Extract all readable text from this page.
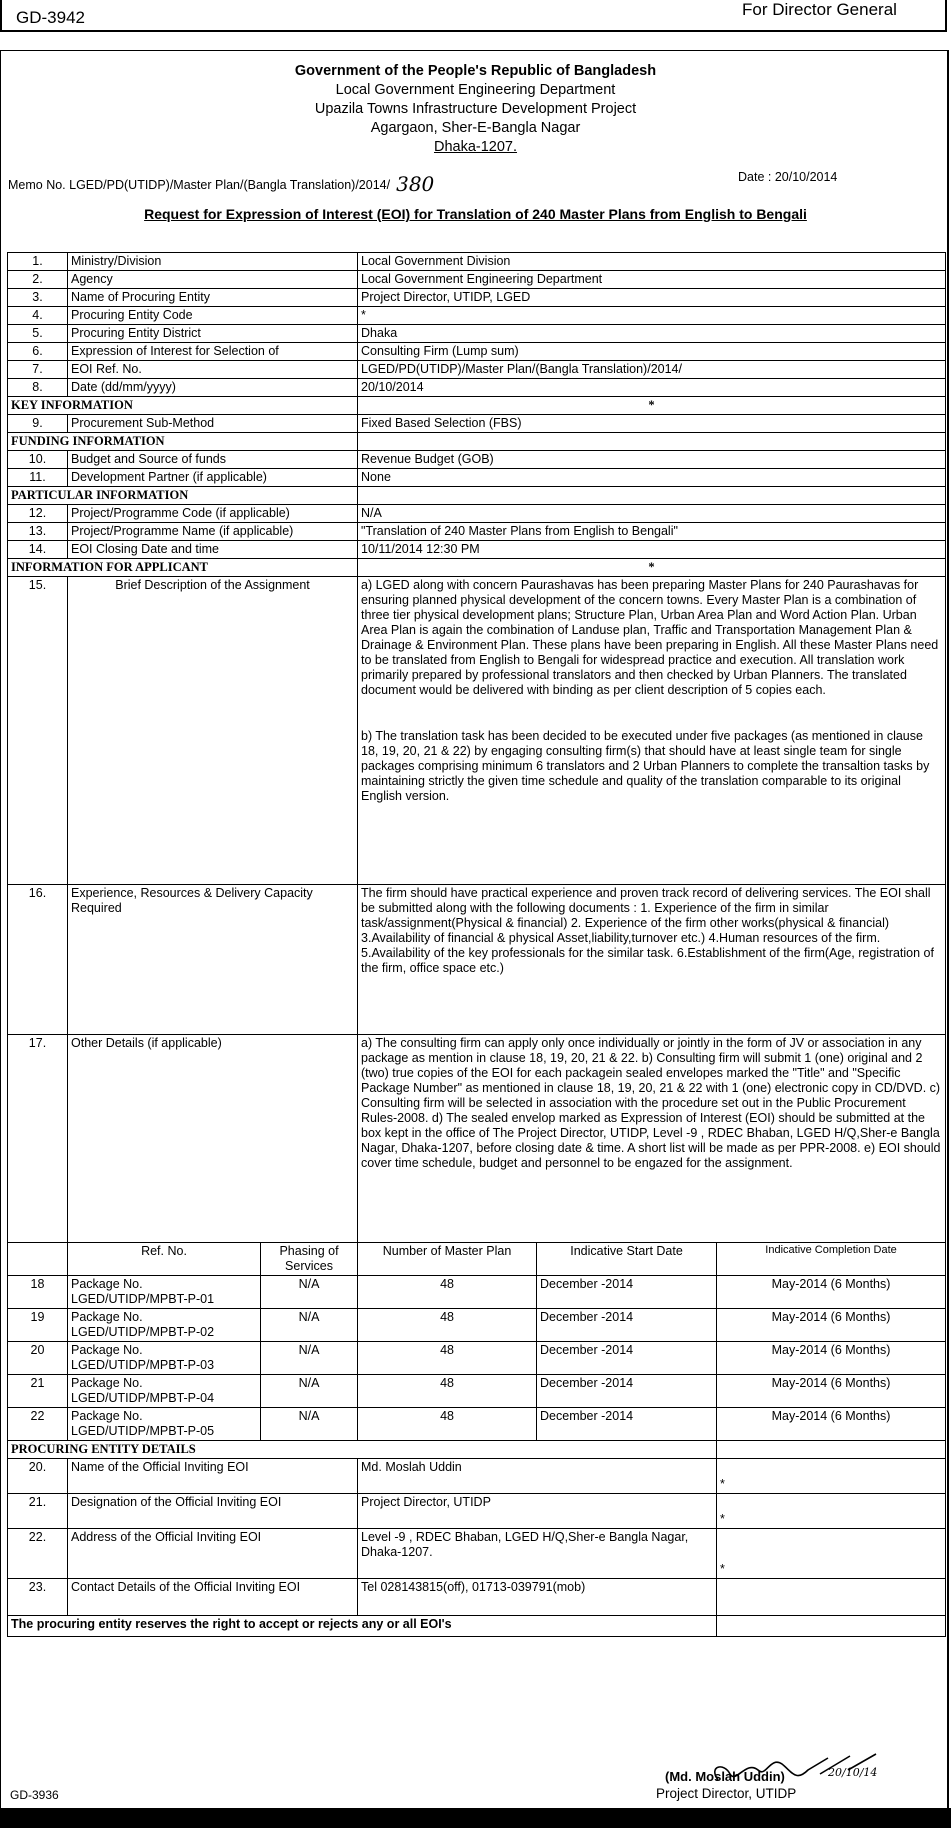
GD-3942	For Director General
Government of the People's Republic of Bangladesh
Local Government Engineering Department
Upazila Towns Infrastructure Development Project
Agargaon, Sher-E-Bangla Nagar
Dhaka-1207.
Memo No. LGED/PD(UTIDP)/Master Plan/(Bangla Translation)/2014/ 380	Date : 20/10/2014
Request for Expression of Interest (EOI) for Translation of 240 Master Plans from English to Bengali
1.	Ministry/Division		Local Government Division		
2.	Agency		Local Government Engineering Department		
3.	Name of Procuring Entity		Project Director, UTIDP, LGED		
4.	Procuring Entity Code		*		
5.	Procuring Entity District		Dhaka		
6.	Expression of Interest for Selection of		Consulting Firm (Lump sum)		
7.	EOI Ref. No.		LGED/PD(UTIDP)/Master Plan/(Bangla Translation)/2014/		
8.	Date (dd/mm/yyyy)		20/10/2014		
KEY INFORMATION			*		
9.	Procurement Sub-Method		Fixed Based Selection (FBS)		
FUNDING INFORMATION					
10.	Budget and Source of funds		Revenue Budget (GOB)		
11.	Development Partner (if applicable)		None		
PARTICULAR INFORMATION					
12.	Project/Programme Code (if applicable)		N/A		
13.	Project/Programme Name (if applicable)		"Translation of 240 Master Plans from English to Bengali"		
14.	EOI Closing Date and time		10/11/2014 12:30 PM		
INFORMATION FOR APPLICANT			*		
15.	Brief Description of the Assignment		a) LGED along with concern Paurashavas has been preparing Master Plans for 240 Paurashavas for ensuring planned physical development of the concern towns. Every Master Plan is a combination of three tier physical development plans; Structure Plan, Urban Area Plan and Word Action Plan. Urban Area Plan is again the combination of Landuse plan, Traffic and Transportation Management Plan & Drainage & Environment Plan. These plans have been preparing in English. All these Master Plans need to be translated from English to Bengali for widespread practice and execution. All translation work primarily prepared by professional translators and then checked by Urban Planners. The translated document would be delivered with binding as per client description of 5 copies each.
b) The translation task has been decided to be executed under five packages (as mentioned in clause 18, 19, 20, 21 & 22) by engaging consulting firm(s) that should have at least single team for single packages comprising minimum 6 translators and 2 Urban Planners to complete the transaltion tasks by maintaining strictly the given time schedule and quality of the translation comparable to its original English version.		

16.	Experience, Resources & Delivery Capacity Required		The firm should have practical experience and proven track record of delivering services. The EOI shall be submitted along with the following documents : 1. Experience of the firm in similar task/assignment(Physical & financial) 2. Experience of the firm other works(physical & financial) 3.Availability of financial & physical Asset,liability,turnover etc.) 4.Human resources of the firm. 5.Availability of the key professionals for the similar task. 6.Establishment of the firm(Age, registration of the firm, office space etc.)		
17.	Other Details (if applicable)		a) The consulting firm can apply only once individually or jointly in the form of JV or association in any package as mention in clause 18, 19, 20, 21 & 22. b) Consulting firm will submit 1 (one) original and 2 (two) true copies of the EOI for each packagein sealed envelopes marked the "Title" and "Specific Package Number" as mentioned in clause 18, 19, 20, 21 & 22 with 1 (one) electronic copy in CD/DVD. c) Consulting firm will be selected in association with the procedure set out in the Public Procurement Rules-2008. d) The sealed envelop marked as Expression of Interest (EOI) should be submitted at the box kept in the office of The Project Director, UTIDP, Level -9 , RDEC Bhaban, LGED H/Q,Sher-e Bangla Nagar, Dhaka-1207, before closing date & time. A short list will be made as per PPR-2008. e) EOI should cover time schedule, budget and personnel to be engazed for the assignment.		
	Ref. No.	Phasing of Services	Number of Master Plan	Indicative Start Date	Indicative Completion Date
18	Package No. LGED/UTIDP/MPBT-P-01	N/A	48	December -2014	May-2014 (6 Months)
19	Package No. LGED/UTIDP/MPBT-P-02	N/A	48	December -2014	May-2014 (6 Months)
20	Package No. LGED/UTIDP/MPBT-P-03	N/A	48	December -2014	May-2014 (6 Months)
21	Package No. LGED/UTIDP/MPBT-P-04	N/A	48	December -2014	May-2014 (6 Months)
22	Package No. LGED/UTIDP/MPBT-P-05	N/A	48	December -2014	May-2014 (6 Months)
PROCURING ENTITY DETAILS					
20.	Name of the Official Inviting EOI		Md. Moslah Uddin		*
21.	Designation of the Official Inviting EOI		Project Director, UTIDP		*
22.	Address of the Official Inviting EOI		Level -9 , RDEC Bhaban, LGED H/Q,Sher-e Bangla Nagar, Dhaka-1207.		*
23.	Contact Details of the Official Inviting EOI		Tel 028143815(off), 01713-039791(mob)		
The procuring entity reserves the right to accept or rejects any or all EOI's					
20/10/14
(Md. Moslah Uddin)
Project Director, UTIDP
GD-3936
